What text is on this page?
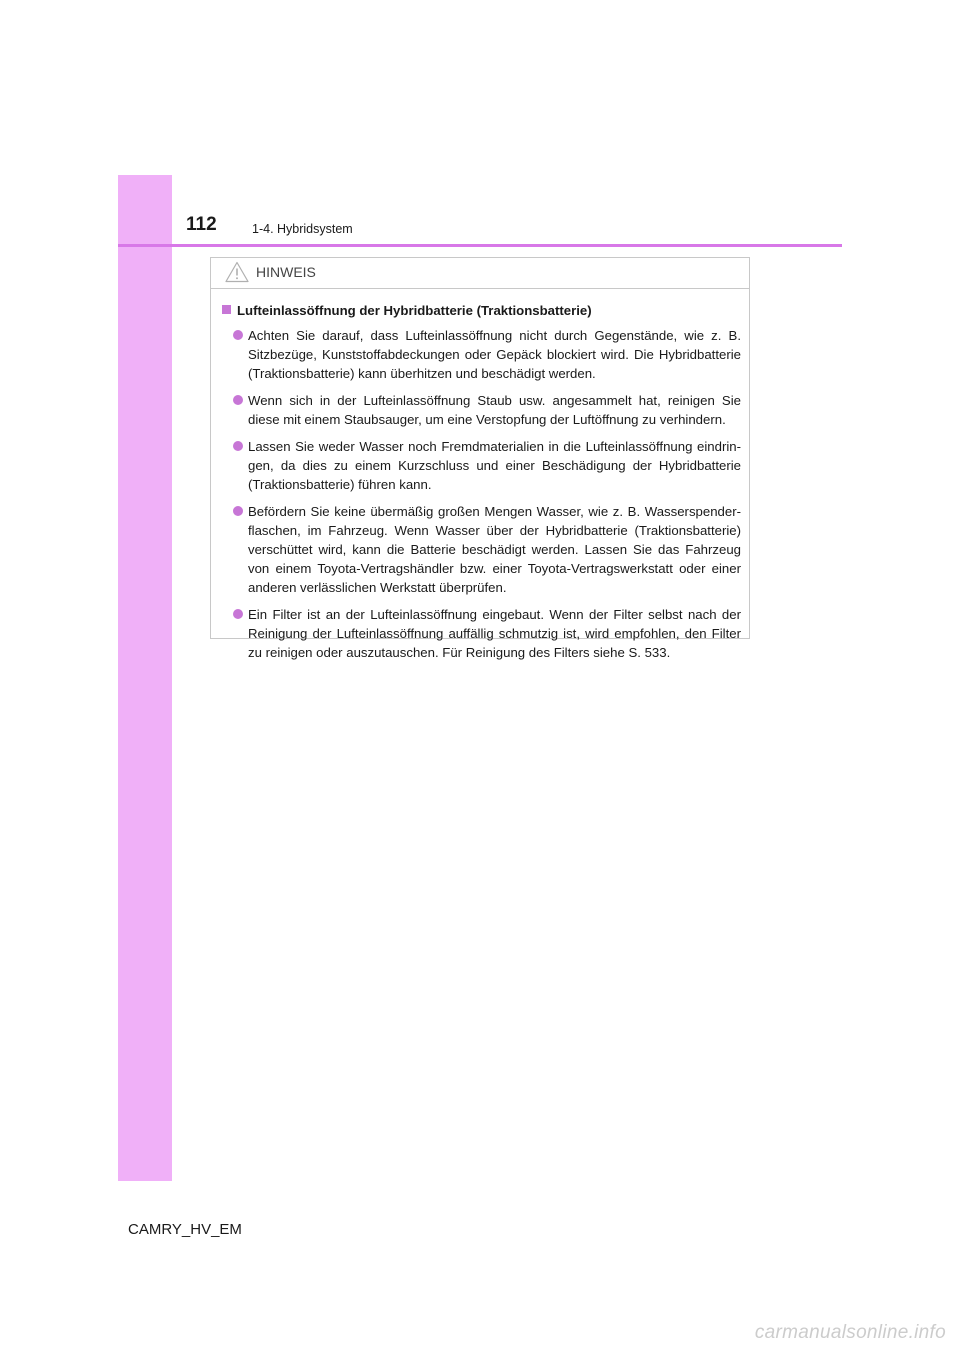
112	1-4. Hybridsystem
HINWEIS
Lufteinlassöffnung der Hybridbatterie (Traktionsbatterie)
Achten Sie darauf, dass Lufteinlassöffnung nicht durch Gegenstände, wie z. B. Sitzbezüge, Kunststoffabdeckungen oder Gepäck blockiert wird. Die Hybridbatterie (Traktionsbatterie) kann überhitzen und beschädigt werden.
Wenn sich in der Lufteinlassöffnung Staub usw. angesammelt hat, reinigen Sie diese mit einem Staubsauger, um eine Verstopfung der Luftöffnung zu verhindern.
Lassen Sie weder Wasser noch Fremdmaterialien in die Lufteinlassöffnung eindrin- gen, da dies zu einem Kurzschluss und einer Beschädigung der Hybridbatterie (Traktionsbatterie) führen kann.
Befördern Sie keine übermäßig großen Mengen Wasser, wie z. B. Wasserspender- flaschen, im Fahrzeug. Wenn Wasser über der Hybridbatterie (Traktionsbatterie) verschüttet wird, kann die Batterie beschädigt werden. Lassen Sie das Fahrzeug von einem Toyota-Vertragshändler bzw. einer Toyota-Vertragswerkstatt oder einer anderen verlässlichen Werkstatt überprüfen.
Ein Filter ist an der Lufteinlassöffnung eingebaut. Wenn der Filter selbst nach der Reinigung der Lufteinlassöffnung auffällig schmutzig ist, wird empfohlen, den Filter zu reinigen oder auszutauschen. Für Reinigung des Filters siehe S. 533.
CAMRY_HV_EM
carmanualsonline.info
